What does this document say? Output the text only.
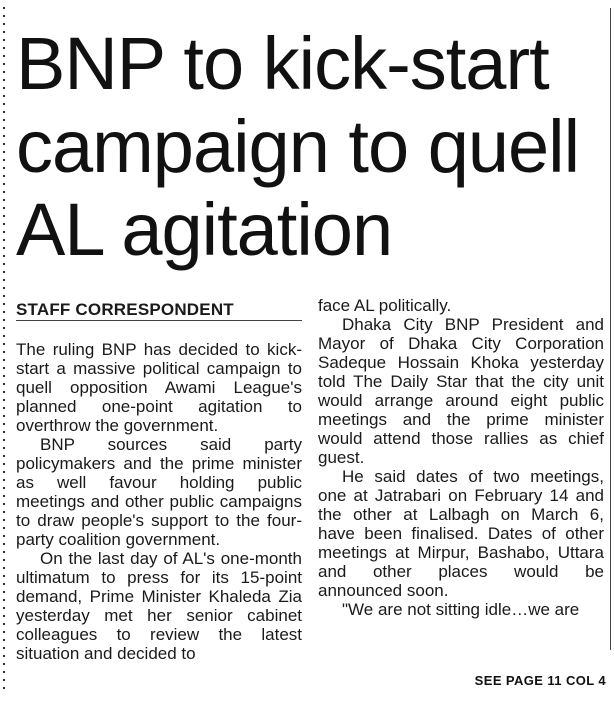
BNP to kick-start campaign to quell AL agitation
STAFF CORRESPONDENT

The ruling BNP has decided to kick-start a massive political campaign to quell opposition Awami League's planned one-point agitation to overthrow the government.

BNP sources said party policymakers and the prime minister as well favour holding public meetings and other public campaigns to draw people's support to the four-party coalition government.

On the last day of AL's one-month ultimatum to press for its 15-point demand, Prime Minister Khaleda Zia yesterday met her senior cabinet colleagues to review the latest situation and decided to

face AL politically.

Dhaka City BNP President and Mayor of Dhaka City Corporation Sadeque Hossain Khoka yesterday told The Daily Star that the city unit would arrange around eight public meetings and the prime minister would attend those rallies as chief guest.

He said dates of two meetings, one at Jatrabari on February 14 and the other at Lalbagh on March 6, have been finalised. Dates of other meetings at Mirpur, Bashabo, Uttara and other places would be announced soon.

"We are not sitting idle…we are

SEE PAGE 11 COL 4
